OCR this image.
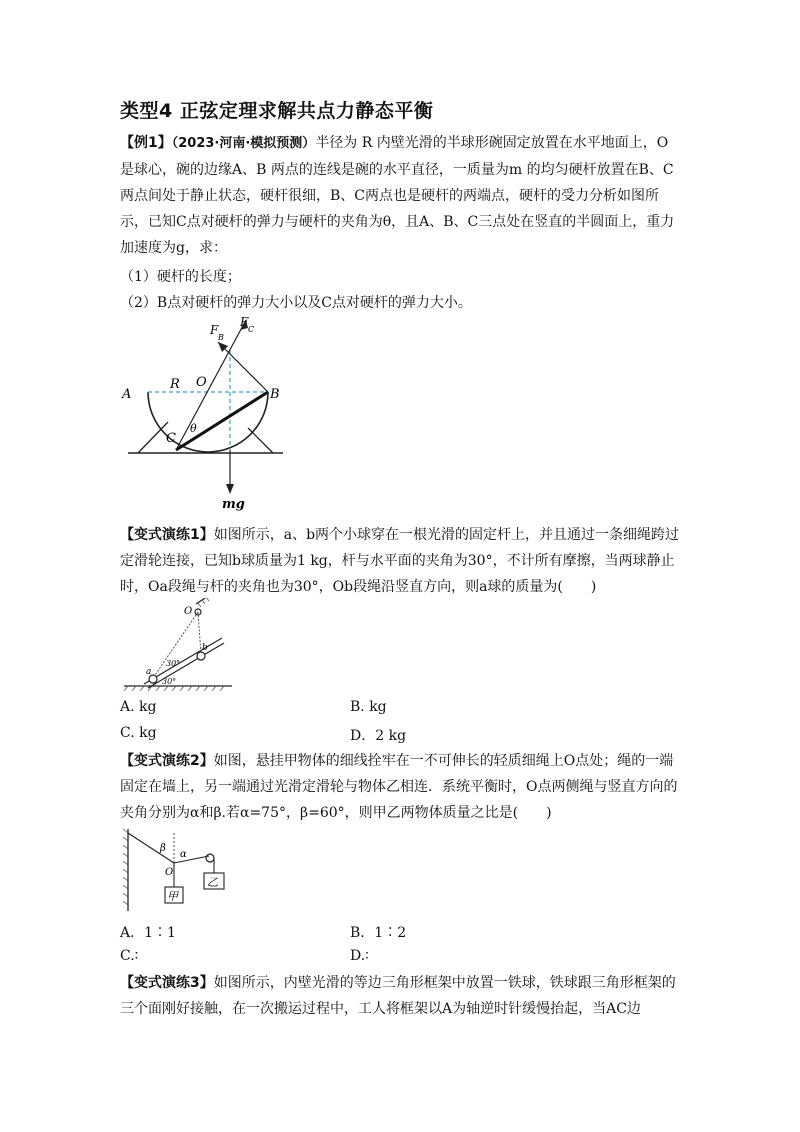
类型4 正弦定理求解共点力静态平衡
【例1】（2023·河南·模拟预测）半径为 R 内壁光滑的半球形碗固定放置在水平地面上，O 是球心，碗的边缘A、B 两点的连线是碗的水平直径，一质量为m 的均匀硬杆放置在B、C 两点间处于静止状态，硬杆很细，B、C两点也是硬杆的两端点，硬杆的受力分析如图所示，已知C点对硬杆的弹力与硬杆的夹角为θ，且A、B、C三点处在竖直的半圆面上，重力加速度为g，求：
（1）硬杆的长度；
（2）B点对硬杆的弹力大小以及C点对硬杆的弹力大小。
F
B
F
C
A
R O
B
C
θ
mg
【变式演练1】如图所示，a、b两个小球穿在一根光滑的固定杆上，并且通过一条细绳跨过定滑轮连接，已知b球质量为1 kg，杆与水平面的夹角为30°，不计所有摩擦，当两球静止时，Oa段绳与杆的夹角也为30°，Ob段绳沿竖直方向，则a球的质量为(　　)
O
a
b
30°
30°
A. kg	B. kg
C. kg	D．2 kg
【变式演练2】如图，悬挂甲物体的细线拴牢在一不可伸长的轻质细绳上O点处；绳的一端固定在墙上，另一端通过光滑定滑轮与物体乙相连．系统平衡时，O点两侧绳与竖直方向的夹角分别为α和β.若α=75°，β=60°，则甲乙两物体质量之比是(　　)
β
α
O
甲
乙
A．1∶1	B．1∶2
C.∶	D.∶
【变式演练3】如图所示，内壁光滑的等边三角形框架中放置一铁球，铁球跟三角形框架的三个面刚好接触，在一次搬运过程中，工人将框架以A为轴逆时针缓慢抬起，当AC边
